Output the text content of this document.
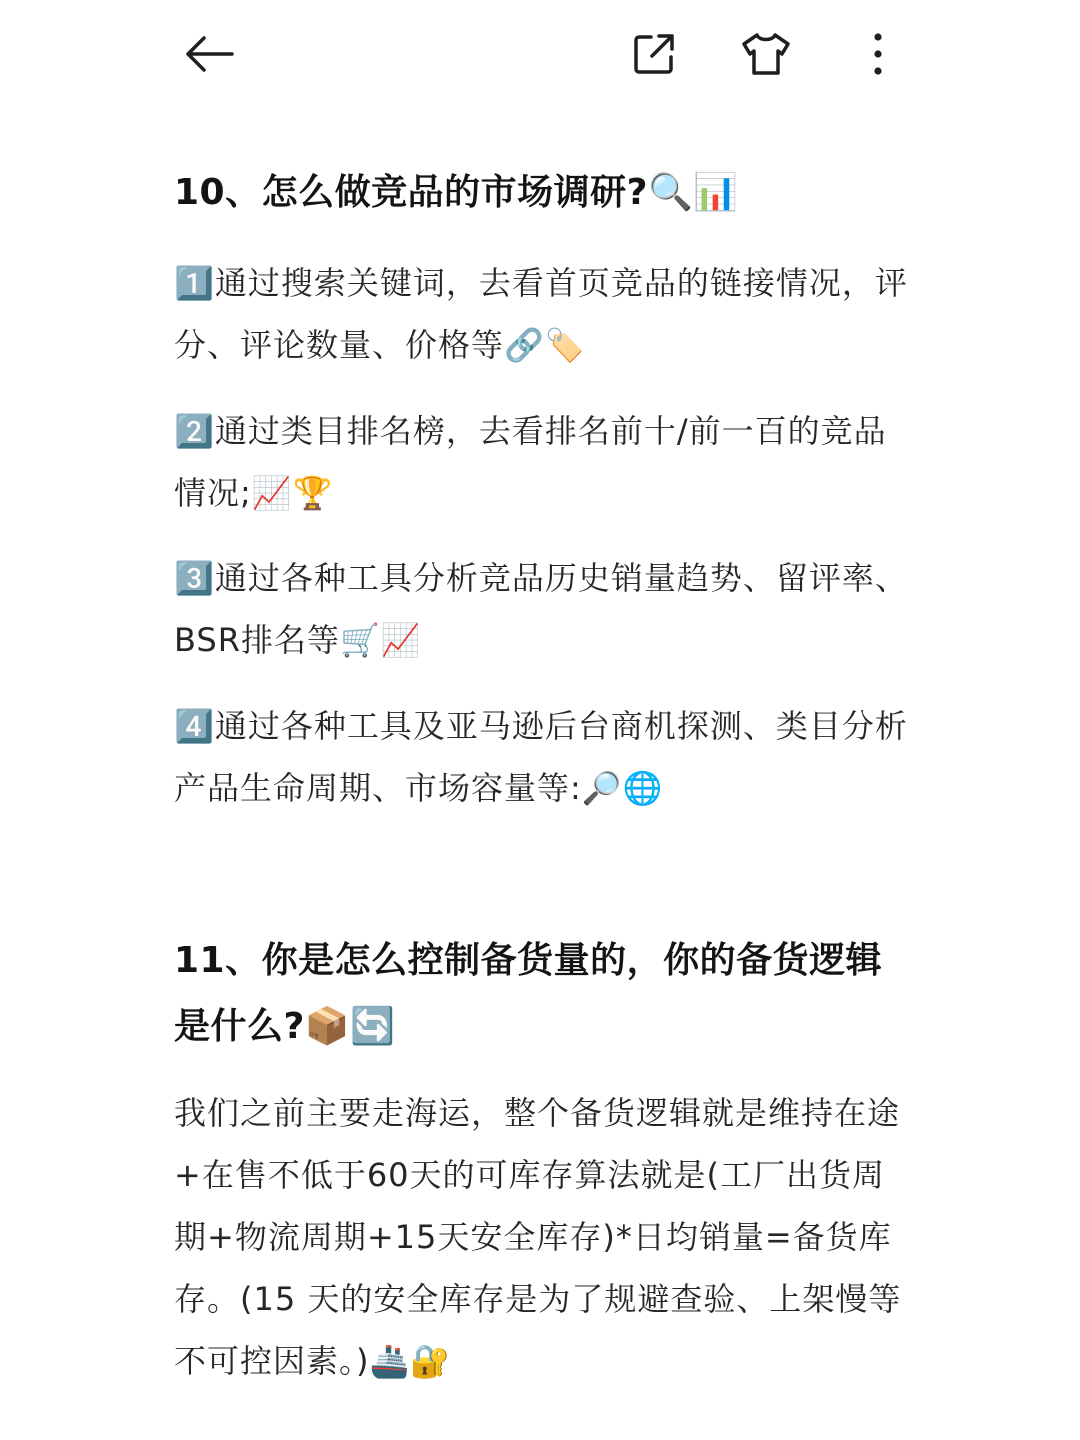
10、怎么做竞品的市场调研?🔍📊

1️⃣通过搜索关键词，去看首页竞品的链接情况，评分、评论数量、价格等🔗🏷️

2️⃣通过类目排名榜，去看排名前十/前一百的竞品情况;📈🏆

3️⃣通过各种工具分析竞品历史销量趋势、留评率、BSR排名等🛒📈

4️⃣通过各种工具及亚马逊后台商机探测、类目分析产品生命周期、市场容量等:🔎🌐

11、你是怎么控制备货量的，你的备货逻辑是什么?📦🔄

我们之前主要走海运，整个备货逻辑就是维持在途+在售不低于60天的可库存算法就是(工厂出货周期+物流周期+15天安全库存)*日均销量=备货库存。(15 天的安全库存是为了规避查验、上架慢等不可控因素。)🚢🔐
